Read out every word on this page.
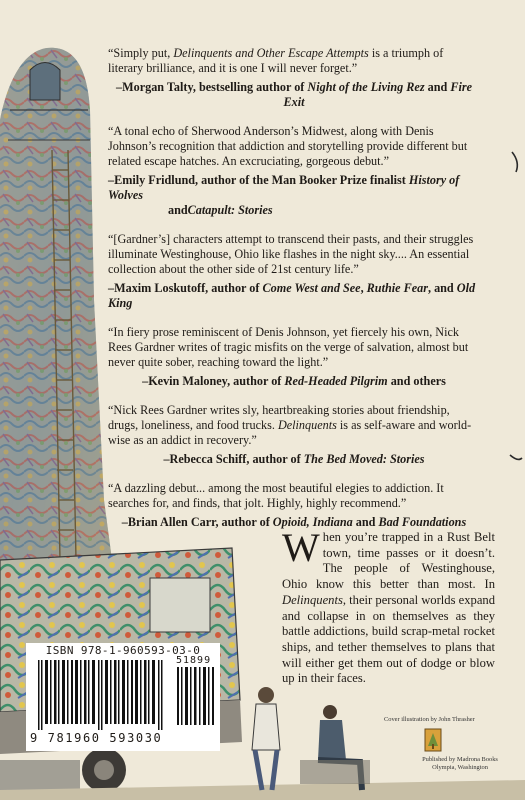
“Simply put, Delinquents and Other Escape Attempts is a triumph of literary brilliance, and it is one I will never forget.”

–Morgan Talty, bestselling author of Night of the Living Rez and Fire Exit

“A tonal echo of Sherwood Anderson’s Midwest, along with Denis Johnson’s recognition that addiction and storytelling provide different but related escape hatches. An excruciating, gorgeous debut.”

–Emily Fridlund, author of the Man Booker Prize finalist History of Wolves
andCatapult: Stories

“[Gardner’s] characters attempt to transcend their pasts, and their struggles illuminate Westinghouse, Ohio like flashes in the night sky.... An essential collection about the other side of 21st century life.”

–Maxim Loskutoff, author of Come West and See, Ruthie Fear, and Old King

“In fiery prose reminiscent of Denis Johnson, yet fiercely his own, Nick Rees Gardner writes of tragic misfits on the verge of salvation, almost but never quite sober, reaching toward the light.”

–Kevin Maloney, author of Red-Headed Pilgrim and others

“Nick Rees Gardner writes sly, heartbreaking stories about friendship, drugs, loneliness, and food trucks. Delinquents is as self-aware and world-wise as an addict in recovery.”

–Rebecca Schiff, author of The Bed Moved: Stories

“A dazzling debut... among the most beautiful elegies to addiction. It searches for, and finds, that jolt. Highly, highly recommend.”

–Brian Allen Carr, author of Opioid, Indiana and Bad Foundations

When you’re trapped in a Rust Belt town, time passes or it doesn’t. The people of Westinghouse, Ohio know this better than most. In Delinquents, their personal worlds expand and collapse in on themselves as they battle addictions, build scrap-metal rocket ships, and tether themselves to plans that will either get them out of dodge or blow up in their faces.
Cover illustration by John Thrasher
Published by Madrona Books
Olympia, Washington
ISBN 978-1-960593-03-0
9 781960 593030
51899
